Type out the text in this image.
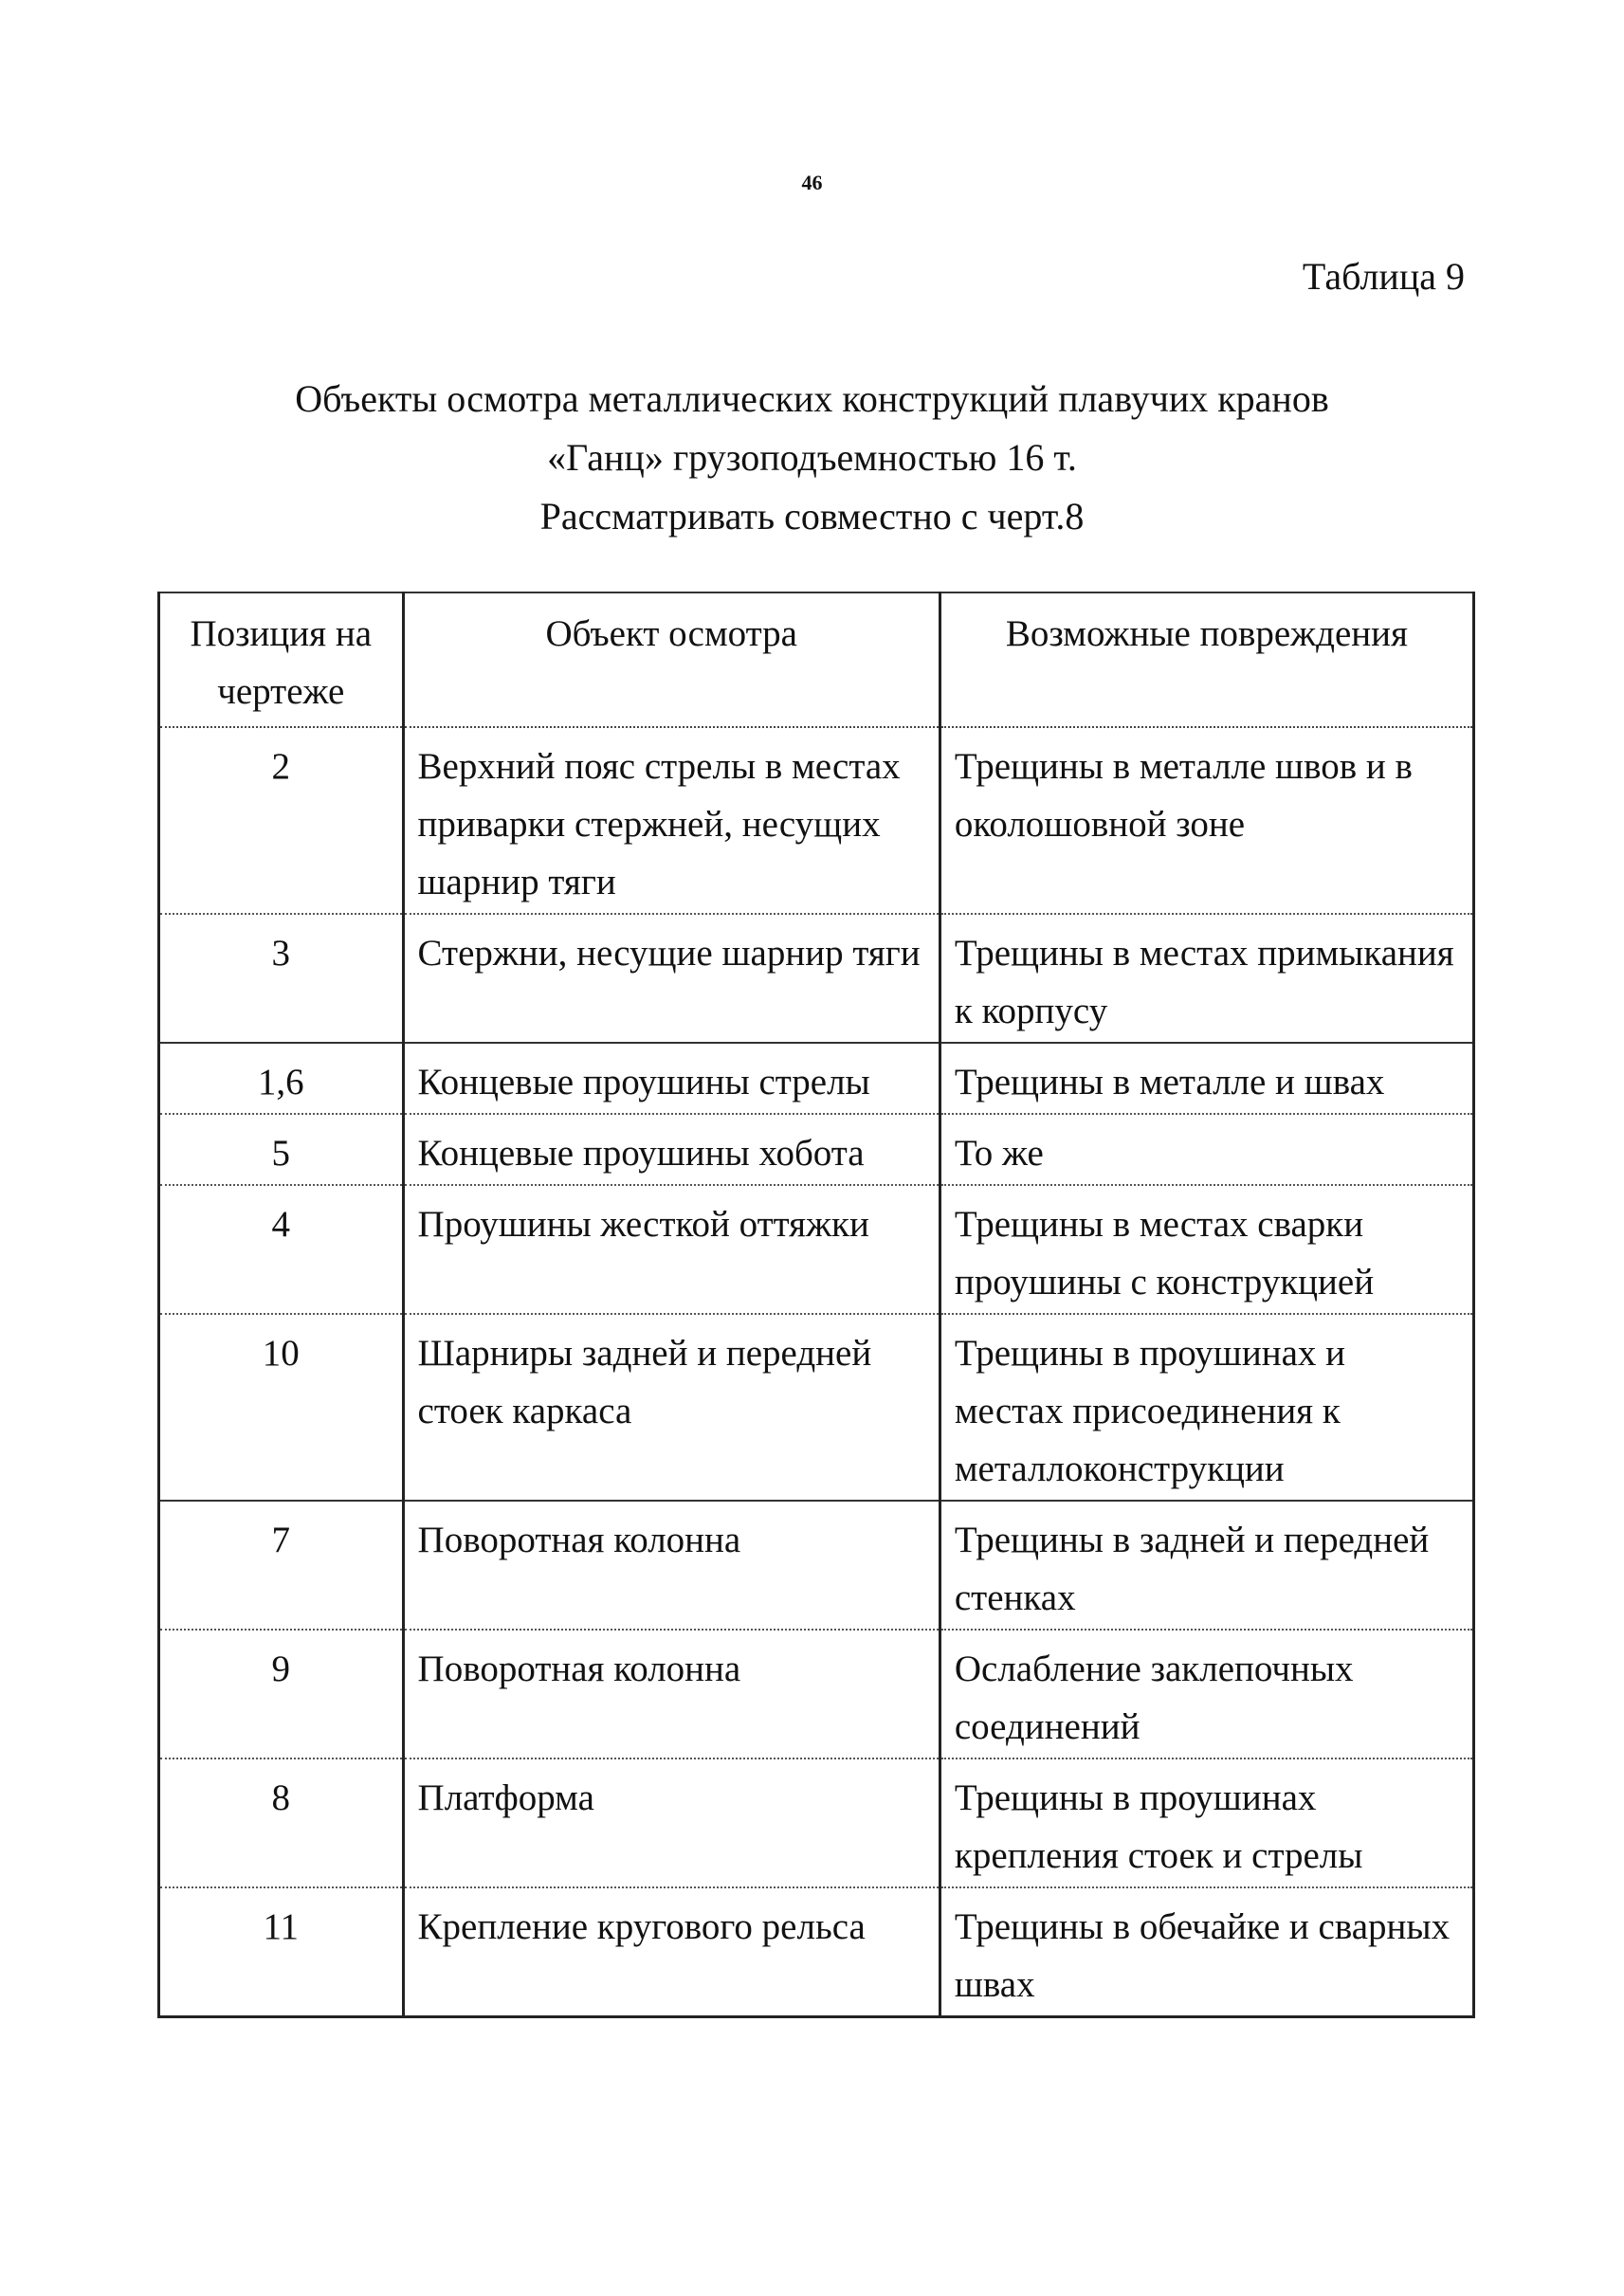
46
Таблица 9
Объекты осмотра металлических конструкций плавучих кранов
«Ганц» грузоподъемностью 16 т.
Рассматривать совместно с черт.8
Позиция на чертеже	Объект осмотра	Возможные повреждения
2	Верхний пояс стрелы в местах приварки стержней, несущих шарнир тяги	Трещины в металле швов и в околошовной зоне
3	Стержни, несущие шарнир тяги	Трещины в местах примыкания к корпусу
1,6	Концевые проушины стрелы	Трещины в металле и швах
5	Концевые проушины хобота	То же
4	Проушины жесткой оттяжки	Трещины в местах сварки проушины с конструкцией
10	Шарниры задней и передней стоек каркаса	Трещины в проушинах и местах присоединения к металлоконструкции
7	Поворотная колонна	Трещины в задней и передней стенках
9	Поворотная колонна	Ослабление заклепочных соединений
8	Платформа	Трещины в проушинах крепления стоек и стрелы
11	Крепление кругового рельса	Трещины в обечайке и сварных швах
